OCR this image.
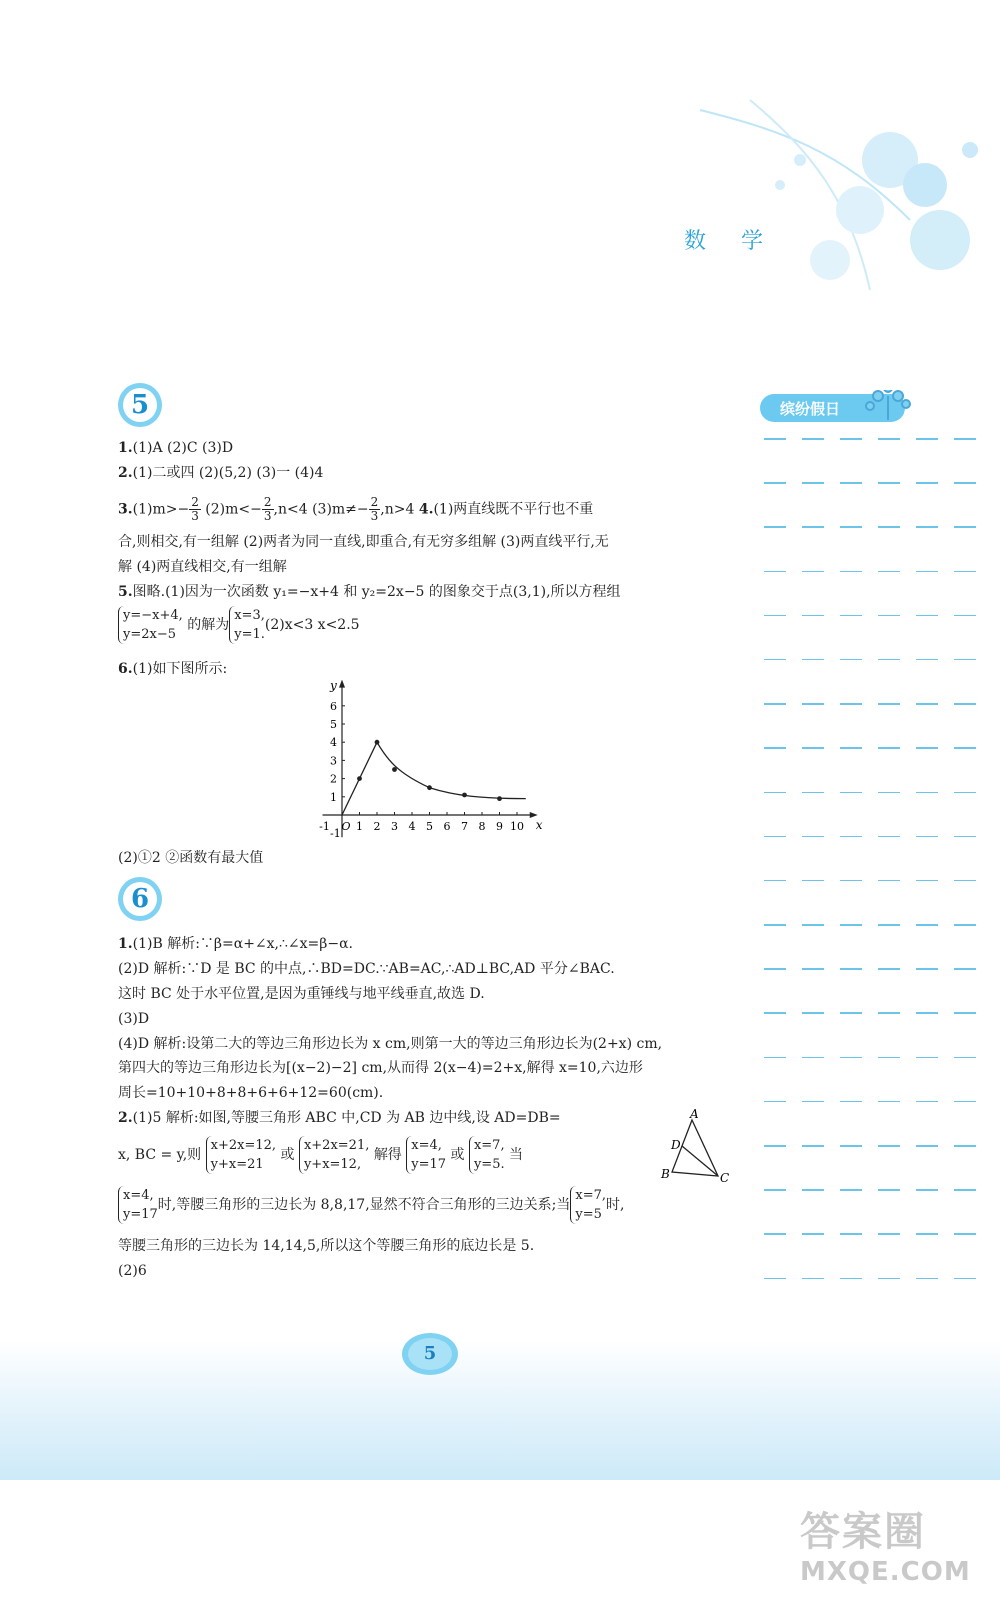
数 学
缤纷假日
5
1.(1)A (2)C (3)D
2.(1)二或四 (2)(5,2) (3)一 (4)4
$3.(1)m>- \frac{2}{3} (2)m<- \frac{2}{3} ,n<4$ $(3)m\ne- \frac{2}{3} ,n>4$ 4.(1)两直线既不平行也不重
合,则相交,有一组解 (2)两者为同一直线,即重合,有无穷多组解 (3)两直线平行,无
解 (4)两直线相交,有一组解
5.图略.(1)因为一次函数 y₁=−x+4 和 y₂=2x−5 的图象交于点(3,1),所以方程组
y=−x+4,
y=2x−5 的解为x=3,
y=1.(2)x<3 x<2.5
6.(1)如下图所示:
-1 O 1 2 3 4 5 6 7 8 9 10
1
2
3
4
5
6
-1
x
y
(2)①2 ②函数有最大值
6
1.(1)B 解析:∵β=α+∠x,∴∠x=β−α.
(2)D 解析:∵D 是 BC 的中点,∴BD=DC.∵AB=AC,∴AD⊥BC,AD 平分∠BAC.
这时 BC 处于水平位置,是因为重锤线与地平线垂直,故选 D.
(3)D
(4)D 解析:设第二大的等边三角形边长为 x cm,则第一大的等边三角形边长为(2+x) cm,
第四大的等边三角形边长为[(x−2)−2] cm,从而得 2(x−4)=2+x,解得 x=10,六边形
周长=10+10+8+8+6+6+12=60(cm).
2.(1)5 解析:如图,等腰三角形 ABC 中,CD 为 AB 边中线,设 AD=DB=
x, BC = y,则 x+2x=12,
y+x=21 或 x+2x=21,
y+x=12, 解得 x=4,
y=17 或 x=7,
y=5. 当
x=4,
y=17时,等腰三角形的三边长为 8,8,17,显然不符合三角形的三边关系;当x=7,
y=5时,
等腰三角形的三边长为 14,14,5,所以这个等腰三角形的底边长是 5.
(2)6
A
D
B	C
5
答案圈
MXQE.COM
